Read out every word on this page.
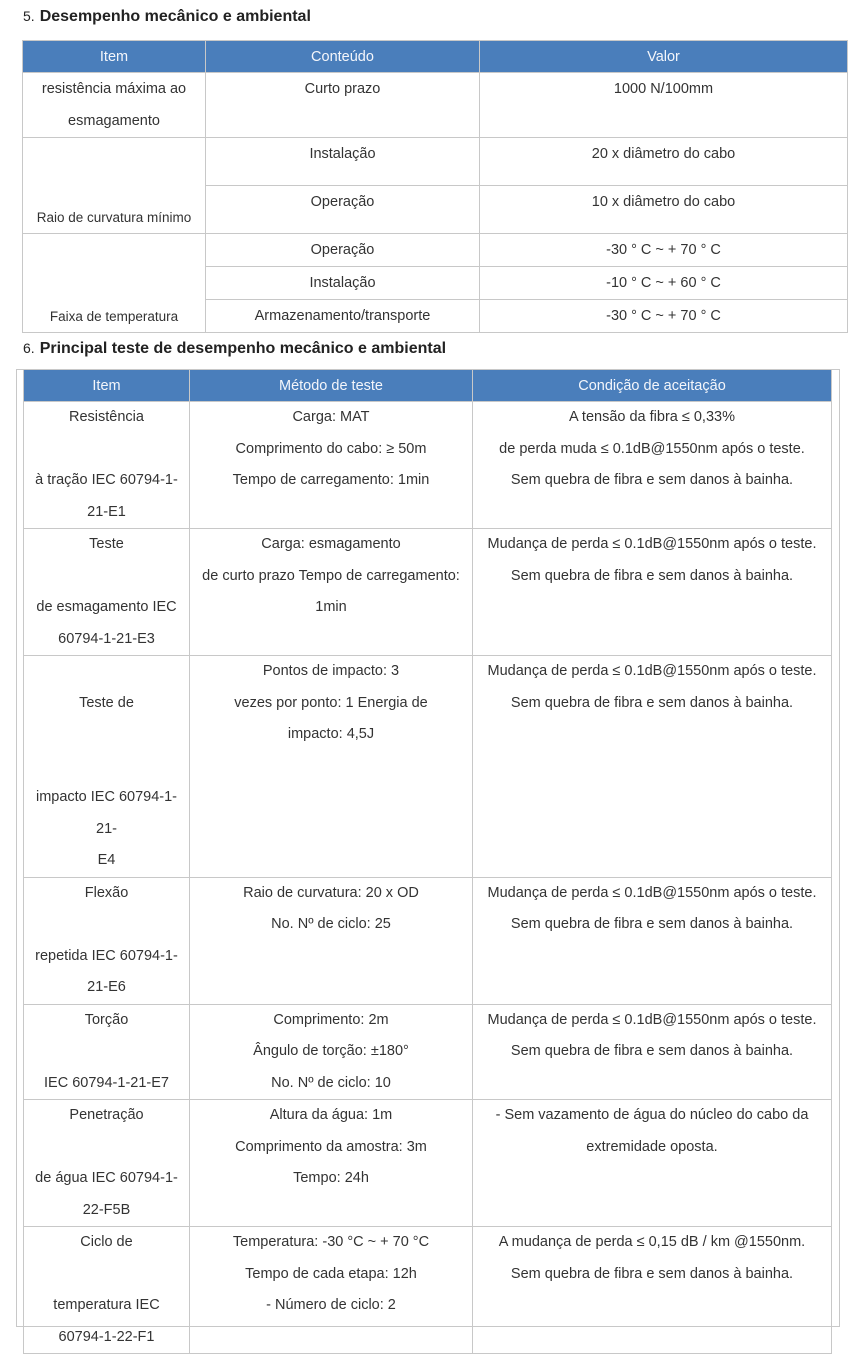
5. Desempenho mecânico e ambiental
Item	Conteúdo	Valor

resistência máxima ao
esmagamento	Curto prazo	1000 N/100mm
Raio de curvatura mínimo	Instalação	20 x diâmetro do cabo
	Operação	10 x diâmetro do cabo
Faixa de temperatura	Operação	-30 ° C ~ + 70 ° C
	Instalação	-10 ° C ~ + 60 ° C
	Armazenamento/transporte	-30 ° C ~ + 70 ° C
6. Principal teste de desempenho mecânico e ambiental
Item	Método de teste	Condição de aceitação

Resistência
à tração IEC 60794-1-
21-E1	Carga: MAT
Comprimento do cabo: ≥ 50m
Tempo de carregamento: 1min	A tensão da fibra ≤ 0,33%
de perda muda ≤ 0.1dB@1550nm após o teste.
Sem quebra de fibra e sem danos à bainha.

Teste
de esmagamento IEC
60794-1-21-E3	Carga: esmagamento
de curto prazo Tempo de carregamento:
1min	Mudança de perda ≤ 0.1dB@1550nm após o teste.
Sem quebra de fibra e sem danos à bainha.

Teste de
impacto IEC 60794-1-21-
E4	Pontos de impacto: 3
vezes por ponto: 1 Energia de
impacto: 4,5J	Mudança de perda ≤ 0.1dB@1550nm após o teste.
Sem quebra de fibra e sem danos à bainha.

Flexão
repetida IEC 60794-1-
21-E6	Raio de curvatura: 20 x OD
No. Nº de ciclo: 25	Mudança de perda ≤ 0.1dB@1550nm após o teste.
Sem quebra de fibra e sem danos à bainha.

Torção
IEC 60794-1-21-E7	Comprimento: 2m
Ângulo de torção: ±180°
No. Nº de ciclo: 10	Mudança de perda ≤ 0.1dB@1550nm após o teste.
Sem quebra de fibra e sem danos à bainha.

Penetração
de água IEC 60794-1-
22-F5B	Altura da água: 1m
Comprimento da amostra: 3m
Tempo: 24h	- Sem vazamento de água do núcleo do cabo da
extremidade oposta.

Ciclo de
temperatura IEC
60794-1-22-F1	Temperatura: -30 °C ~ + 70 °C
Tempo de cada etapa: 12h
- Número de ciclo: 2	A mudança de perda ≤ 0,15 dB / km @1550nm.
Sem quebra de fibra e sem danos à bainha.
